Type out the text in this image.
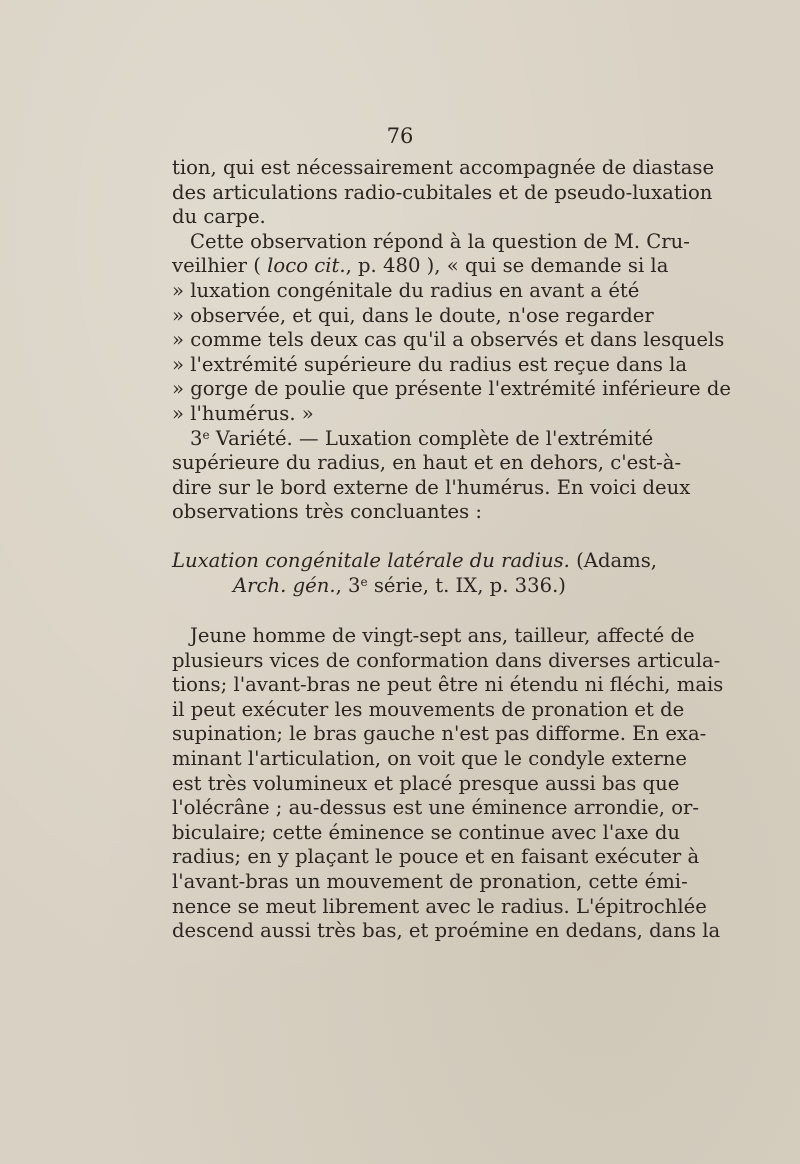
76
tion, qui est nécessairement accompagnée de diastase
des articulations radio-cubitales et de pseudo-luxation
du carpe.
Cette observation répond à la question de M. Cru-
veilhier ( loco cit., p. 480 ), « qui se demande si la
» luxation congénitale du radius en avant a été
» observée, et qui, dans le doute, n'ose regarder
» comme tels deux cas qu'il a observés et dans lesquels
» l'extrémité supérieure du radius est reçue dans la
» gorge de poulie que présente l'extrémité inférieure de
» l'humérus. »
3e Variété. — Luxation complète de l'extrémité
supérieure du radius, en haut et en dehors, c'est-à-
dire sur le bord externe de l'humérus. En voici deux
observations très concluantes :
Luxation congénitale latérale du radius. (Adams,
Arch. gén., 3e série, t. IX, p. 336.)
Jeune homme de vingt-sept ans, tailleur, affecté de
plusieurs vices de conformation dans diverses articula-
tions; l'avant-bras ne peut être ni étendu ni fléchi, mais
il peut exécuter les mouvements de pronation et de
supination; le bras gauche n'est pas difforme. En exa-
minant l'articulation, on voit que le condyle externe
est très volumineux et placé presque aussi bas que
l'olécrâne ; au-dessus est une éminence arrondie, or-
biculaire; cette éminence se continue avec l'axe du
radius; en y plaçant le pouce et en faisant exécuter à
l'avant-bras un mouvement de pronation, cette émi-
nence se meut librement avec le radius. L'épitrochlée
descend aussi très bas, et proémine en dedans, dans la
